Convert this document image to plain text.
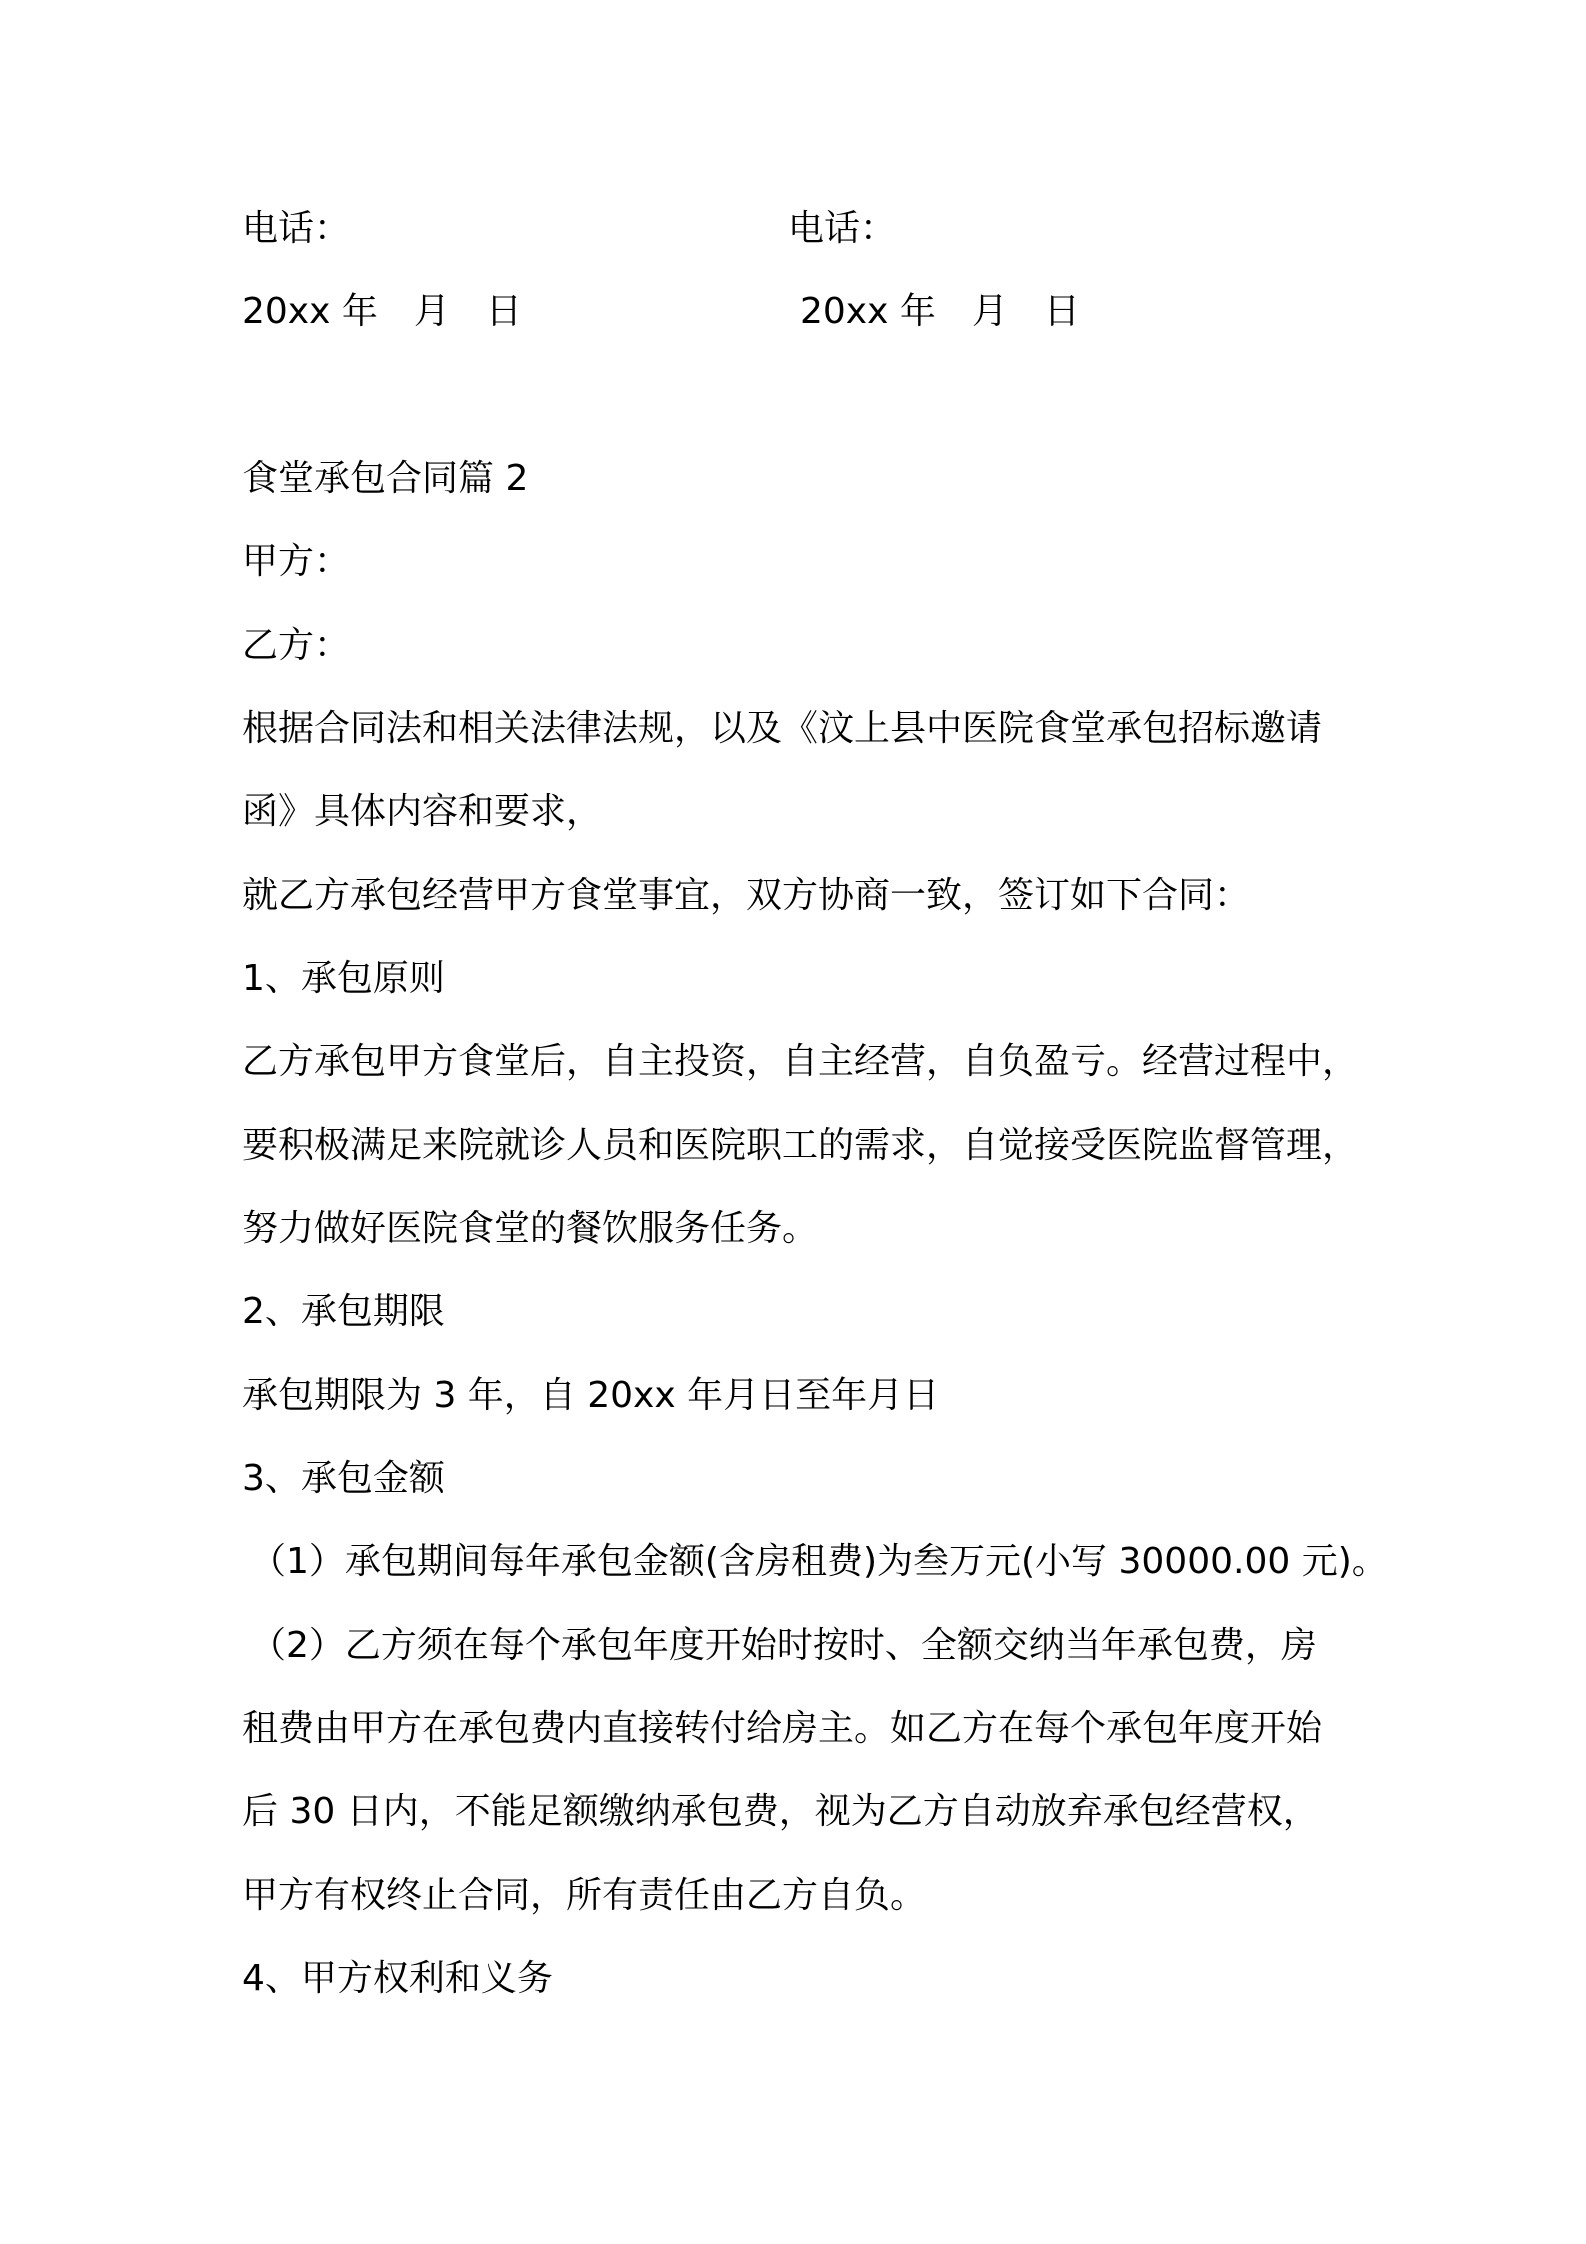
电话：	电话：
20xx 年　月　日	20xx 年　月　日
食堂承包合同篇 2
甲方：
乙方：
根据合同法和相关法律法规，以及《汶上县中医院食堂承包招标邀请
函》具体内容和要求，
就乙方承包经营甲方食堂事宜，双方协商一致，签订如下合同：
1、承包原则
乙方承包甲方食堂后，自主投资，自主经营，自负盈亏。经营过程中，
要积极满足来院就诊人员和医院职工的需求，自觉接受医院监督管理，
努力做好医院食堂的餐饮服务任务。
2、承包期限
承包期限为 3 年，自 20xx 年月日至年月日
3、承包金额
（1）承包期间每年承包金额(含房租费)为叁万元(小写 30000.00 元)。
（2）乙方须在每个承包年度开始时按时、全额交纳当年承包费，房
租费由甲方在承包费内直接转付给房主。如乙方在每个承包年度开始
后 30 日内，不能足额缴纳承包费，视为乙方自动放弃承包经营权，
甲方有权终止合同，所有责任由乙方自负。
4、甲方权利和义务
